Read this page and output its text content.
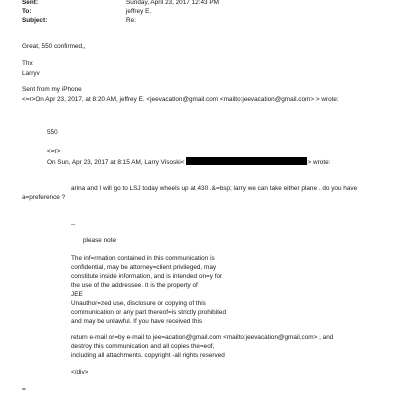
Sent:	Sunday, April 23, 2017 12:43 PM
To:	jeffrey E.
Subject:	Re:
Great, 550 confirmed,,
Thx
Larryv
Sent from my iPhone
<=r>On Apr 23, 2017, at 8:20 AM, jeffrey E. <jeevacation@gmail.com <mailto:jeevacation@gmail.com> > wrote:
550
<=r>
On Sun, Apr 23, 2017 at 8:15 AM, Larry Visoski<	> wrote:
arina and I will go to LSJ today wheels up at 430 .&=bsp; larry we can take either plane . do you have
a=preference ?
--
please note
The inf=rmation contained in this communication is
confidential, may be attorney=client privileged, may
constitute inside information, and is intended on=y for
the use of the addressee. It is the property of
JEE
Unauthor=zed use, disclosure or copying of this
communication or any part thereof=is strictly prohibited
and may be unlawful. If you have received this
return e-mail or=by e-mail to jee=acation@gmail.com <mailto:jeevacation@gmail.com> , and
destroy this communication and all copies the=eof,
including all attachments. copyright -all rights reserved
</div>
=
